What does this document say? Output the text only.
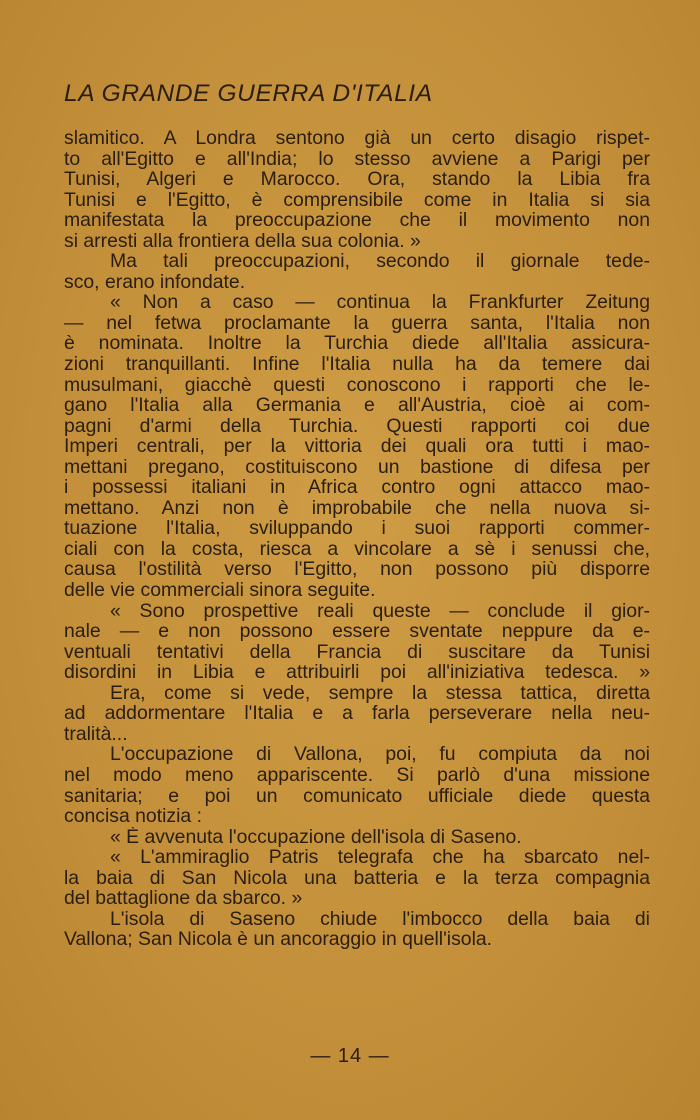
LA GRANDE GUERRA D'ITALIA
slamitico. A Londra sentono già un certo disagio rispet-
to all'Egitto e all'India; lo stesso avviene a Parigi per
Tunisi, Algeri e Marocco. Ora, stando la Libia fra
Tunisi e l'Egitto, è comprensibile come in Italia si sia
manifestata la preoccupazione che il movimento non
si arresti alla frontiera della sua colonia. »
Ma tali preoccupazioni, secondo il giornale tede-
sco, erano infondate.
« Non a caso — continua la Frankfurter Zeitung
— nel fetwa proclamante la guerra santa, l'Italia non
è nominata. Inoltre la Turchia diede all'Italia assicura-
zioni tranquillanti. Infine l'Italia nulla ha da temere dai
musulmani, giacchè questi conoscono i rapporti che le-
gano l'Italia alla Germania e all'Austria, cioè ai com-
pagni d'armi della Turchia. Questi rapporti coi due
Imperi centrali, per la vittoria dei quali ora tutti i mao-
mettani pregano, costituiscono un bastione di difesa per
i possessi italiani in Africa contro ogni attacco mao-
mettano. Anzi non è improbabile che nella nuova si-
tuazione l'Italia, sviluppando i suoi rapporti commer-
ciali con la costa, riesca a vincolare a sè i senussi che,
causa l'ostilità verso l'Egitto, non possono più disporre
delle vie commerciali sinora seguite.
« Sono prospettive reali queste — conclude il gior-
nale — e non possono essere sventate neppure da e-
ventuali tentativi della Francia di suscitare da Tunisi
disordini in Libia e attribuirli poi all'iniziativa tedesca. »
Era, come si vede, sempre la stessa tattica, diretta
ad addormentare l'Italia e a farla perseverare nella neu-
tralità...
L'occupazione di Vallona, poi, fu compiuta da noi
nel modo meno appariscente. Si parlò d'una missione
sanitaria; e poi un comunicato ufficiale diede questa
concisa notizia :
« È avvenuta l'occupazione dell'isola di Saseno.
« L'ammiraglio Patris telegrafa che ha sbarcato nel-
la baia di San Nicola una batteria e la terza compagnia
del battaglione da sbarco. »
L'isola di Saseno chiude l'imbocco della baia di
Vallona; San Nicola è un ancoraggio in quell'isola.
— 14 —
